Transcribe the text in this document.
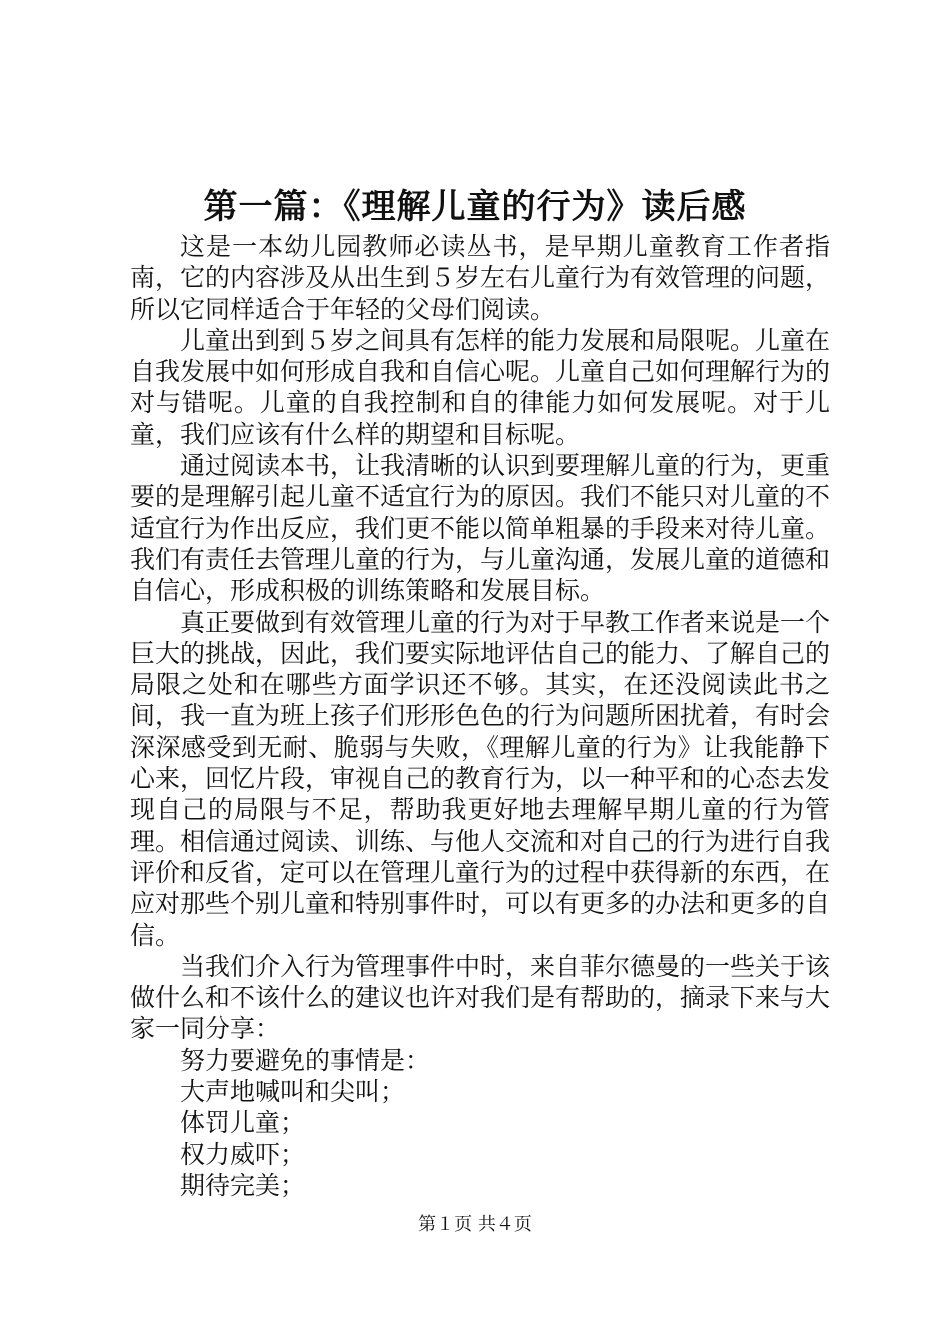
第一篇：《理解儿童的行为》读后感

这是一本幼儿园教师必读丛书，是早期儿童教育工作者指南，它的内容涉及从出生到５岁左右儿童行为有效管理的问题，所以它同样适合于年轻的父母们阅读。

儿童出到到５岁之间具有怎样的能力发展和局限呢。儿童在自我发展中如何形成自我和自信心呢。儿童自己如何理解行为的对与错呢。儿童的自我控制和自的律能力如何发展呢。对于儿童，我们应该有什么样的期望和目标呢。

通过阅读本书，让我清晰的认识到要理解儿童的行为，更重要的是理解引起儿童不适宜行为的原因。我们不能只对儿童的不适宜行为作出反应，我们更不能以简单粗暴的手段来对待儿童。我们有责任去管理儿童的行为，与儿童沟通，发展儿童的道德和自信心，形成积极的训练策略和发展目标。

真正要做到有效管理儿童的行为对于早教工作者来说是一个巨大的挑战，因此，我们要实际地评估自己的能力、了解自己的局限之处和在哪些方面学识还不够。其实，在还没阅读此书之间，我一直为班上孩子们形形色色的行为问题所困扰着，有时会深深感受到无耐、脆弱与失败，《理解儿童的行为》让我能静下心来，回忆片段，审视自己的教育行为，以一种平和的心态去发现自己的局限与不足，帮助我更好地去理解早期儿童的行为管理。相信通过阅读、训练、与他人交流和对自己的行为进行自我评价和反省，定可以在管理儿童行为的过程中获得新的东西，在应对那些个别儿童和特别事件时，可以有更多的办法和更多的自信。

当我们介入行为管理事件中时，来自菲尔德曼的一些关于该做什么和不该什么的建议也许对我们是有帮助的，摘录下来与大家一同分享：

努力要避免的事情是：

大声地喊叫和尖叫；

体罚儿童；

权力威吓；

期待完美；

第１页 共４页
